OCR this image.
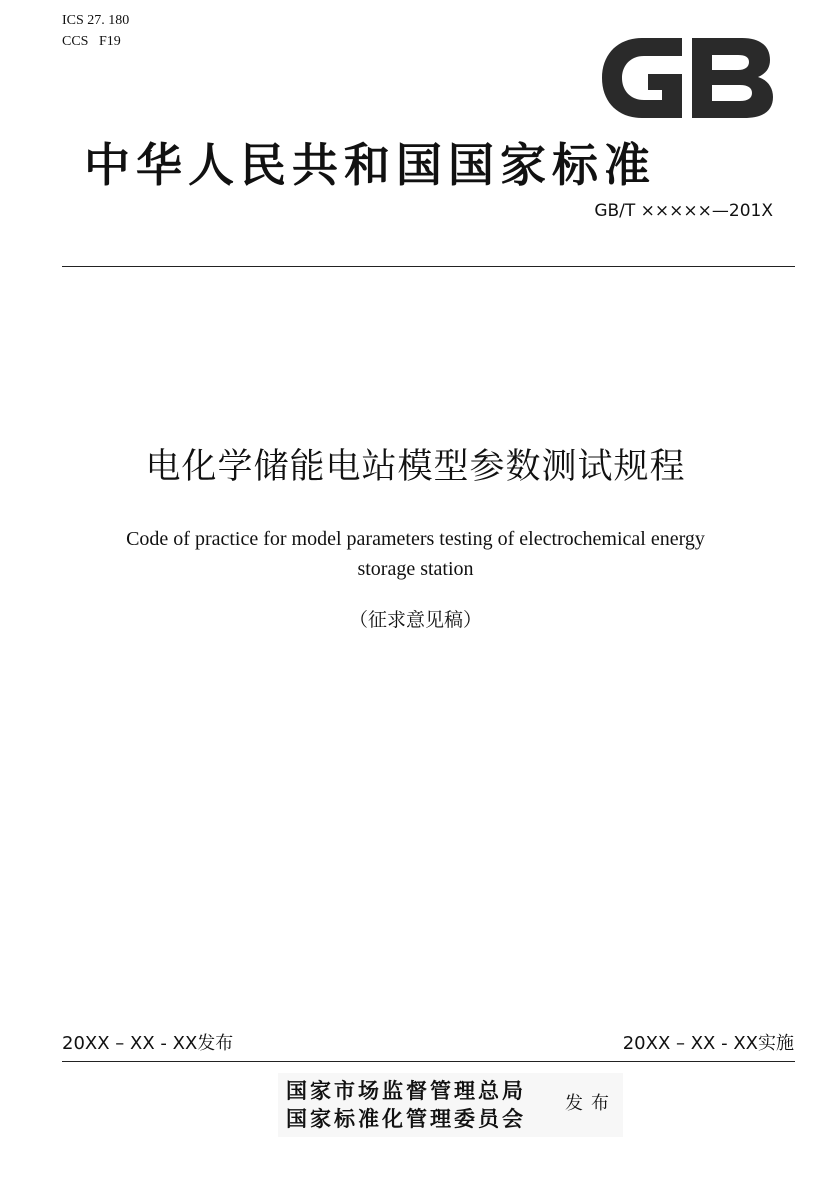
ICS 27. 180
CCS   F19
中华人民共和国国家标准
GB/T ×××××—201X
电化学储能电站模型参数测试规程
Code of practice for model parameters testing of electrochemical energy
storage station
（征求意见稿）
20XX – XX - XX发布	20XX – XX - XX实施
国家市场监督管理总局
国家标准化管理委员会
发布
